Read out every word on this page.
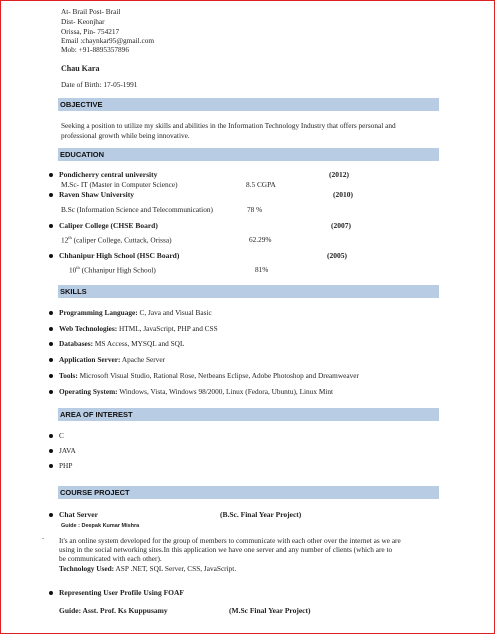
At- Brail Post- Brail
Dist- Keonjhar
Orissa, Pin- 754217
Email :chaynkar95@gmail.com
Mob: +91-8895357896
Chau Kara
Date of Birth: 17-05-1991
OBJECTIVE
Seeking a position to utilize my skills and abilities in the Information Technology Industry that offers personal and
professional growth while being innovative.
EDUCATION
Pondicherry central university	(2012)
M.Sc- IT (Master in Computer Science)	8.5 CGPA
Raven Shaw University	(2010)
B.Sc (Information Science and Telecommunication)	78 %
Caliper College (CHSE Board)	(2007)
12th (caliper College, Cuttack, Orissa)	62.29%
Chhanipur High School (HSC Board)	(2005)
10th (Chhanipur High School)	81%
SKILLS
Programming Language: C, Java and Visual Basic
Web Technologies: HTML, JavaScript, PHP and CSS
Databases: MS Access, MYSQL and SQL
Application Server: Apache Server
Tools: Microsoft Visual Studio, Rational Rose, Netbeans Eclipse, Adobe Photoshop and Dreamweaver
Operating System: Windows, Vista, Windows 98/2000, Linux (Fedora, Ubuntu), Linux Mint
AREA OF INTEREST
C
JAVA
PHP
COURSE PROJECT
Chat Server	(B.Sc. Final Year Project)
Guide : Deepak Kumar Mishra
- It's an online system developed for the group of members to communicate with each other over the internet as we are
using in the social networking sites.In this application we have one server and any number of clients (which are to
be communicated with each other).
Technology Used: ASP .NET, SQL Server, CSS, JavaScript.
Representing User Profile Using FOAF
Guide: Asst. Prof. Ks Kuppusamy	(M.Sc Final Year Project)
